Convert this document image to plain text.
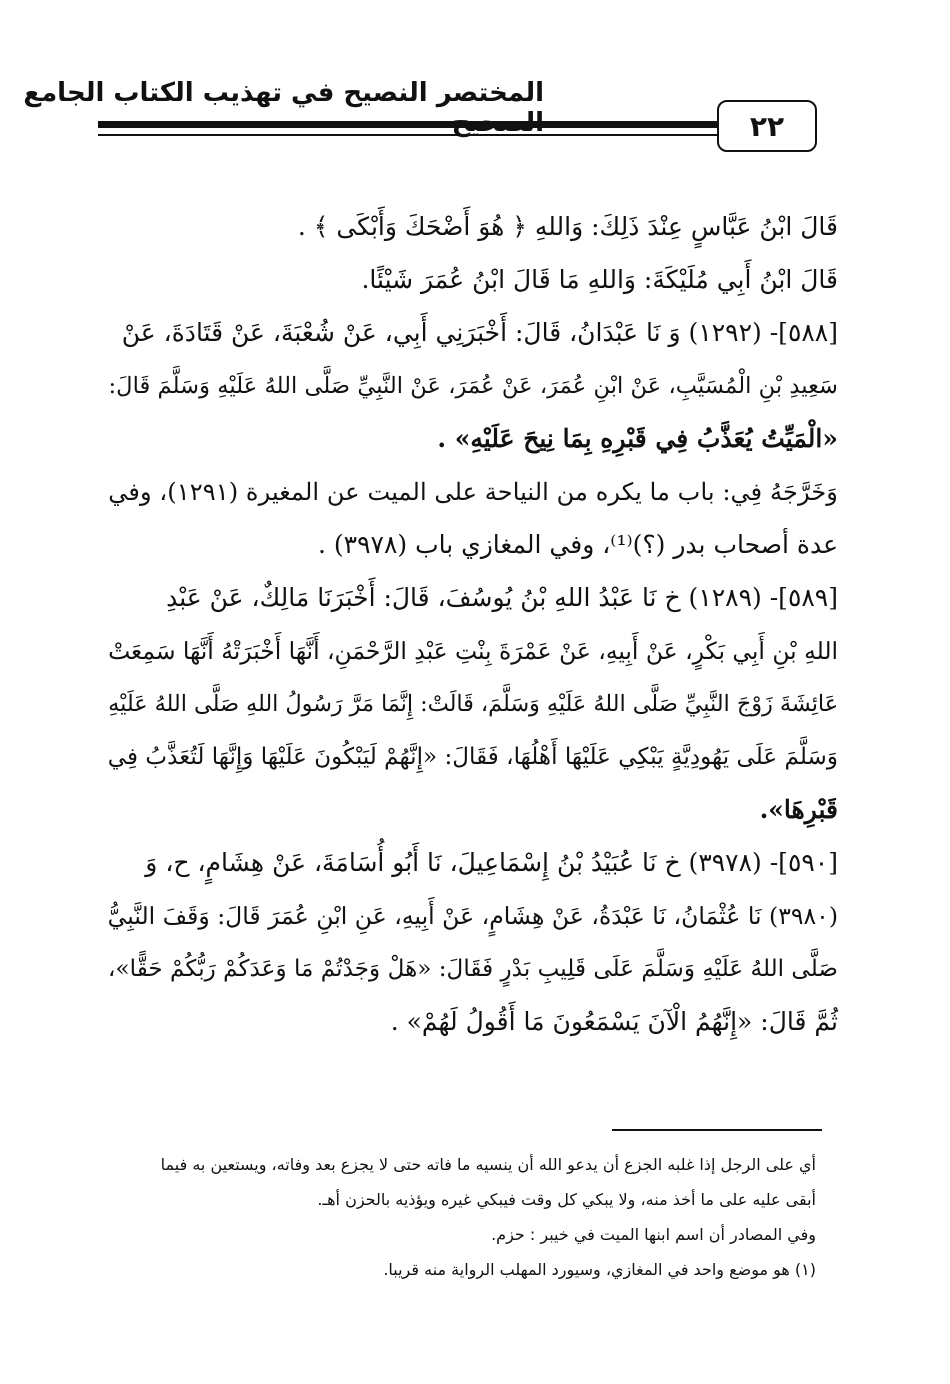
المختصر النصيح في تهذيب الكتاب الجامع
٢٢
قَالَ ابْنُ عَبَّاسٍ عِنْدَ ذَلِكَ: وَاللهِ ﴿ هُوَ أَضْحَكَ وَأَبْكَى ﴾ .
قَالَ ابْنُ أَبِي مُلَيْكَةَ: وَاللهِ مَا قَالَ ابْنُ عُمَرَ شَيْئًا.
[٥٨٨]- (١٢٩٢) وَ نَا عَبْدَانُ، قَالَ: أَخْبَرَنِي أَبِي، عَنْ شُعْبَةَ، عَنْ قَتَادَةَ، عَنْ
سَعِيدِ بْنِ الْمُسَيَّبِ، عَنْ ابْنِ عُمَرَ، عَنْ عُمَرَ، عَنْ النَّبِيِّ صَلَّى اللهُ عَلَيْهِ وَسَلَّمَ قَالَ:
«الْمَيِّتُ يُعَذَّبُ فِي قَبْرِهِ بِمَا نِيحَ عَلَيْهِ» .
وَخَرَّجَهُ فِي: باب ما يكره من النياحة على الميت عن المغيرة (١٢٩١)، وفي
عدة أصحاب بدر (؟)⁽¹⁾، وفي المغازي باب (٣٩٧٨) .
[٥٨٩]- (١٢٨٩) خ نَا عَبْدُ اللهِ بْنُ يُوسُفَ، قَالَ: أَخْبَرَنَا مَالِكٌ، عَنْ عَبْدِ
اللهِ بْنِ أَبِي بَكْرٍ، عَنْ أَبِيهِ، عَنْ عَمْرَةَ بِنْتِ عَبْدِ الرَّحْمَنِ، أَنَّهَا أَخْبَرَتْهُ أَنَّهَا سَمِعَتْ
عَائِشَةَ زَوْجَ النَّبِيِّ صَلَّى اللهُ عَلَيْهِ وَسَلَّمَ، قَالَتْ: إِنَّمَا مَرَّ رَسُولُ اللهِ صَلَّى اللهُ عَلَيْهِ
وَسَلَّمَ عَلَى يَهُودِيَّةٍ يَبْكِي عَلَيْهَا أَهْلُهَا، فَقَالَ: «إِنَّهُمْ لَيَبْكُونَ عَلَيْهَا وَإِنَّهَا لَتُعَذَّبُ فِي
قَبْرِهَا».
[٥٩٠]- (٣٩٧٨) خ نَا عُبَيْدُ بْنُ إِسْمَاعِيلَ، نَا أَبُو أُسَامَةَ، عَنْ هِشَامٍ، ح، وَ
(٣٩٨٠) نَا عُثْمَانُ، نَا عَبْدَةُ، عَنْ هِشَامٍ، عَنْ أَبِيهِ، عَنِ ابْنِ عُمَرَ قَالَ: وَقَفَ النَّبِيُّ
صَلَّى اللهُ عَلَيْهِ وَسَلَّمَ عَلَى قَلِيبِ بَدْرٍ فَقَالَ: «هَلْ وَجَدْتُمْ مَا وَعَدَكُمْ رَبُّكُمْ حَقًّا»،
ثُمَّ قَالَ: «إِنَّهُمُ الْآنَ يَسْمَعُونَ مَا أَقُولُ لَهُمْ» .
أي على الرجل إذا غلبه الجزع أن يدعو الله أن ينسيه ما فاته حتى لا يجزع بعد وفاته، ويستعين به فيما
أبقى عليه على ما أخذ منه، ولا يبكي كل وقت فيبكي غيره ويؤذيه بالحزن أهـ.
وفي المصادر أن اسم ابنها الميت في خيبر : حزم.
(١) هو موضع واحد في المغازي، وسيورد المهلب الرواية منه قريبا.
